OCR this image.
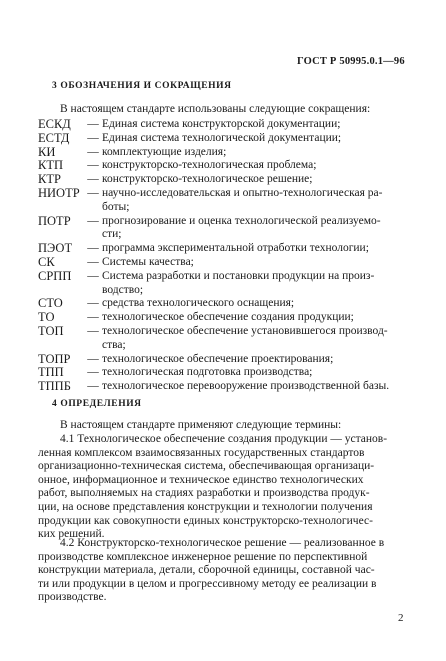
ГОСТ Р 50995.0.1—96
3 ОБОЗНАЧЕНИЯ И СОКРАЩЕНИЯ
В настоящем стандарте использованы следующие сокращения:
ЕСКД	— Единая система конструкторской документации;
ЕСТД	— Единая система технологической документации;
КИ	— комплектующие изделия;
КТП	— конструкторско-технологическая проблема;
КТР	— конструкторско-технологическое решение;
НИОТР — научно-исследовательская и опытно-технологическая ра-
боты;
ПОТР	— прогнозирование и оценка технологической реализуемо-
сти;
ПЭОТ	— программа экспериментальной отработки технологии;
СК	— Системы качества;
СРПП	— Система разработки и постановки продукции на произ-
водство;
СТО	— средства технологического оснащения;
ТО	— технологическое обеспечение создания продукции;
ТОП	— технологическое обеспечение установившегося производ-
ства;
ТОПР	— технологическое обеспечение проектирования;
ТПП	— технологическая подготовка производства;
ТППБ	— технологическое перевооружение производственной базы.
4 ОПРЕДЕЛЕНИЯ
В настоящем стандарте применяют следующие термины:
4.1 Технологическое обеспечение создания продукции — установ-
ленная комплексом взаимосвязанных государственных стандартов
организационно-техническая система, обеспечивающая организаци-
онное, информационное и техническое единство технологических
работ, выполняемых на стадиях разработки и производства продук-
ции, на основе представления конструкции и технологии получения
продукции как совокупности единых конструкторско-технологичес-
ких решений.
4.2 Конструкторско-технологическое решение — реализованное в
производстве комплексное инженерное решение по перспективной
конструкции материала, детали, сборочной единицы, составной час-
ти или продукции в целом и прогрессивному методу ее реализации в
производстве.
2
